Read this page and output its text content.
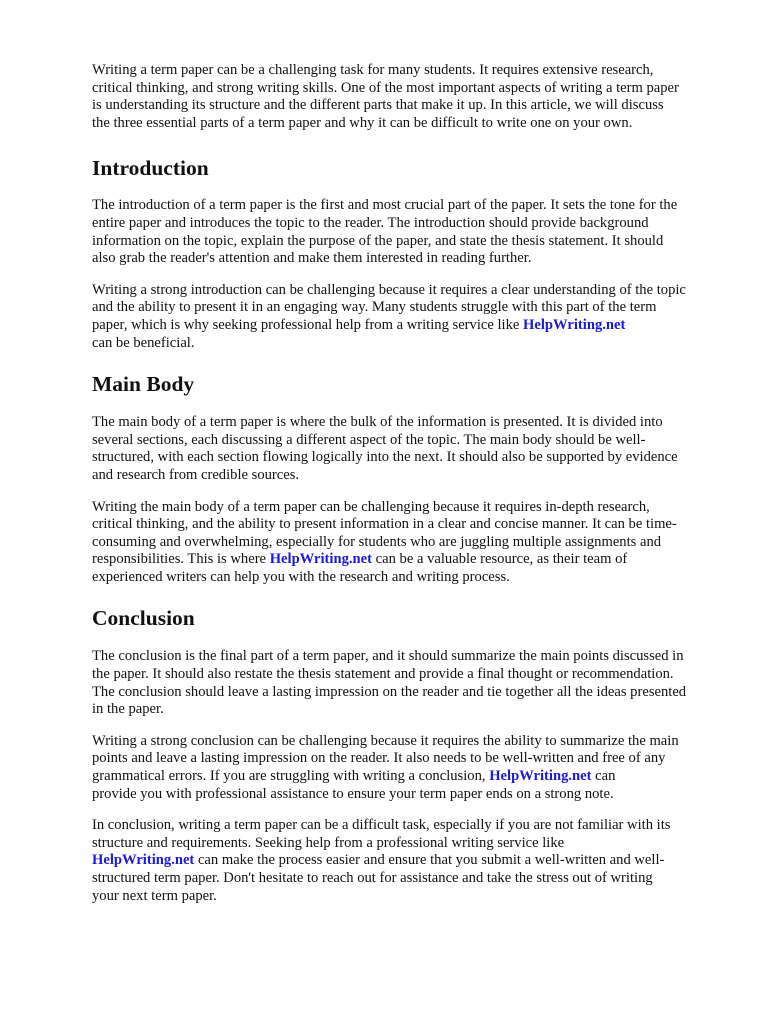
Writing a term paper can be a challenging task for many students. It requires extensive research,
critical thinking, and strong writing skills. One of the most important aspects of writing a term paper
is understanding its structure and the different parts that make it up. In this article, we will discuss
the three essential parts of a term paper and why it can be difficult to write one on your own.

Introduction

The introduction of a term paper is the first and most crucial part of the paper. It sets the tone for the
entire paper and introduces the topic to the reader. The introduction should provide background
information on the topic, explain the purpose of the paper, and state the thesis statement. It should
also grab the reader's attention and make them interested in reading further.

Writing a strong introduction can be challenging because it requires a clear understanding of the topic
and the ability to present it in an engaging way. Many students struggle with this part of the term
paper, which is why seeking professional help from a writing service like HelpWriting.net
can be beneficial.

Main Body

The main body of a term paper is where the bulk of the information is presented. It is divided into
several sections, each discussing a different aspect of the topic. The main body should be well-
structured, with each section flowing logically into the next. It should also be supported by evidence
and research from credible sources.

Writing the main body of a term paper can be challenging because it requires in-depth research,
critical thinking, and the ability to present information in a clear and concise manner. It can be time-
consuming and overwhelming, especially for students who are juggling multiple assignments and
responsibilities. This is where HelpWriting.net can be a valuable resource, as their team of
experienced writers can help you with the research and writing process.

Conclusion

The conclusion is the final part of a term paper, and it should summarize the main points discussed in
the paper. It should also restate the thesis statement and provide a final thought or recommendation.
The conclusion should leave a lasting impression on the reader and tie together all the ideas presented
in the paper.

Writing a strong conclusion can be challenging because it requires the ability to summarize the main
points and leave a lasting impression on the reader. It also needs to be well-written and free of any
grammatical errors. If you are struggling with writing a conclusion, HelpWriting.net can
provide you with professional assistance to ensure your term paper ends on a strong note.

In conclusion, writing a term paper can be a difficult task, especially if you are not familiar with its
structure and requirements. Seeking help from a professional writing service like
HelpWriting.net can make the process easier and ensure that you submit a well-written and well-
structured term paper. Don't hesitate to reach out for assistance and take the stress out of writing
your next term paper.
